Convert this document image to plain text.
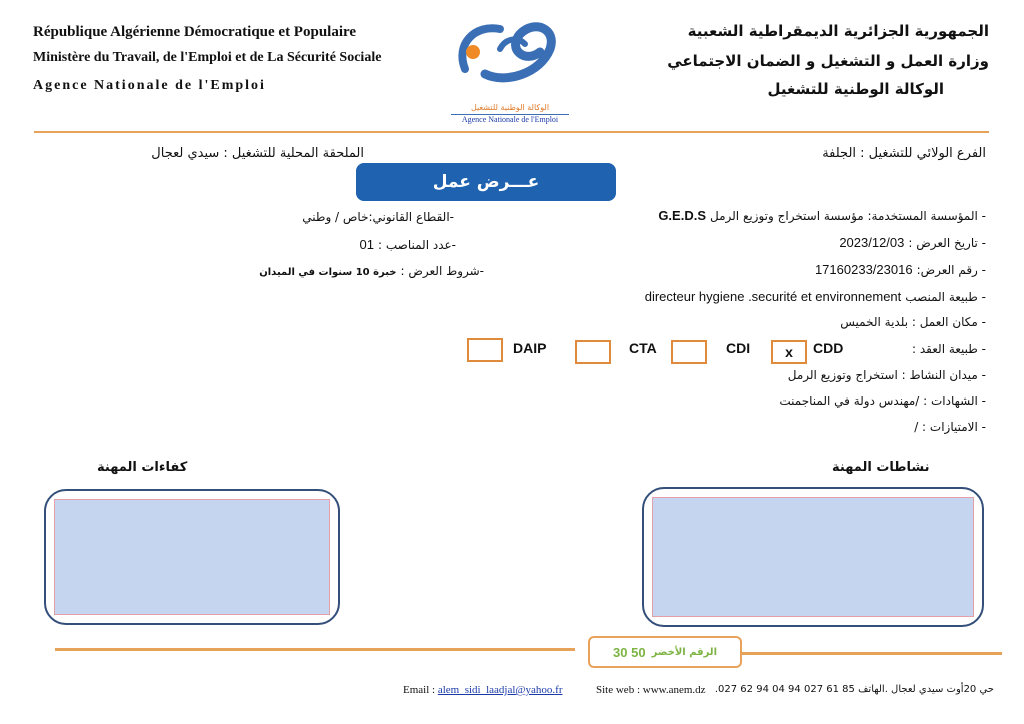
République Algérienne Démocratique et Populaire
Ministère du Travail, de l'Emploi et de La Sécurité Sociale
Agence Nationale de l'Emploi
الوكالة الوطنية للتشغيل
Agence Nationale de l'Emploi
الجمهورية الجزائرية الديمقراطية الشعبية
وزارة العمل و التشغيل و الضمان الاجتماعي
الوكالة الوطنية للتشغيل
الفرع الولائي للتشغيل : الجلفة
الملحقة المحلية للتشغيل : سيدي لعجال
عـــرض عمل
- المؤسسة المستخدمة: مؤسسة استخراج وتوزيع الرمل G.E.D.S
- تاريخ العرض : 2023/12/03
- رقم العرض: 17160233/23016
- طبيعة المنصب directeur hygiene .securité et environnement
- مكان العمل : بلدية الخميس
- طبيعة العقد :
CDD
x
CDI
CTA
DAIP
- ميدان النشاط : استخراج وتوزيع الرمل
- الشهادات : /مهندس دولة في المناجمنت
- الامتيازات : /
-القطاع القانوني:خاص / وطني
-عدد المناصب : 01
-شروط العرض : خبرة 10 سنوات في الميدان
نشاطات المهنة
كفاءات المهنة
الرقم الأخضر
30 50
Email : alem_sidi_laadjal@yahoo.fr	Site web : www.anem.dz حي 20أوت سيدي لعجال .الهاتف 85 61 027 94 04 94 62 027.
